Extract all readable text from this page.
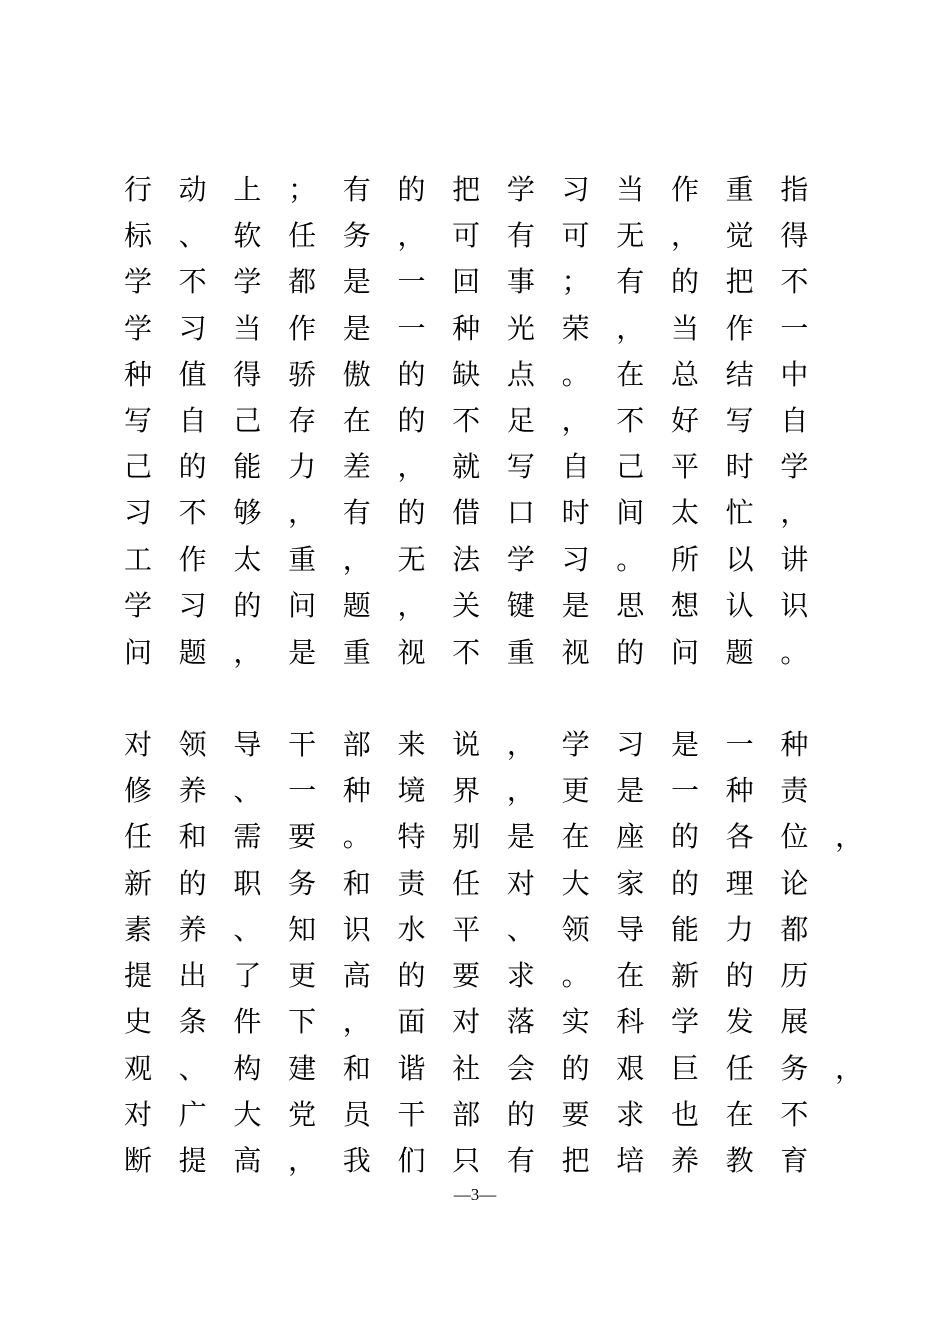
行 动 上 ； 有 的 把 学 习 当 作 重 指
标 、 软 任 务 ， 可 有 可 无 ， 觉 得
学 不 学 都 是 一 回 事 ； 有 的 把 不
学 习 当 作 是 一 种 光 荣 ， 当 作 一
种 值 得 骄 傲 的 缺 点 。 在 总 结 中
写 自 己 存 在 的 不 足 ， 不 好 写 自
己 的 能 力 差 ， 就 写 自 己 平 时 学
习 不 够 ， 有 的 借 口 时 间 太 忙 ，
工 作 太 重 ， 无 法 学 习 。 所 以 讲
学 习 的 问 题 ， 关 键 是 思 想 认 识
问 题 ， 是 重 视 不 重 视 的 问 题 。
对 领 导 干 部 来 说 ， 学 习 是 一 种
修 养 、 一 种 境 界 ， 更 是 一 种 责
任 和 需 要 。 特 别 是 在 座 的 各 位 ，
新 的 职 务 和 责 任 对 大 家 的 理 论
素 养 、 知 识 水 平 、 领 导 能 力 都
提 出 了 更 高 的 要 求 。 在 新 的 历
史 条 件 下 ， 面 对 落 实 科 学 发 展
观 、 构 建 和 谐 社 会 的 艰 巨 任 务 ，
对 广 大 党 员 干 部 的 要 求 也 在 不
断 提 高 ， 我 们 只 有 把 培 养 教 育
—3—
